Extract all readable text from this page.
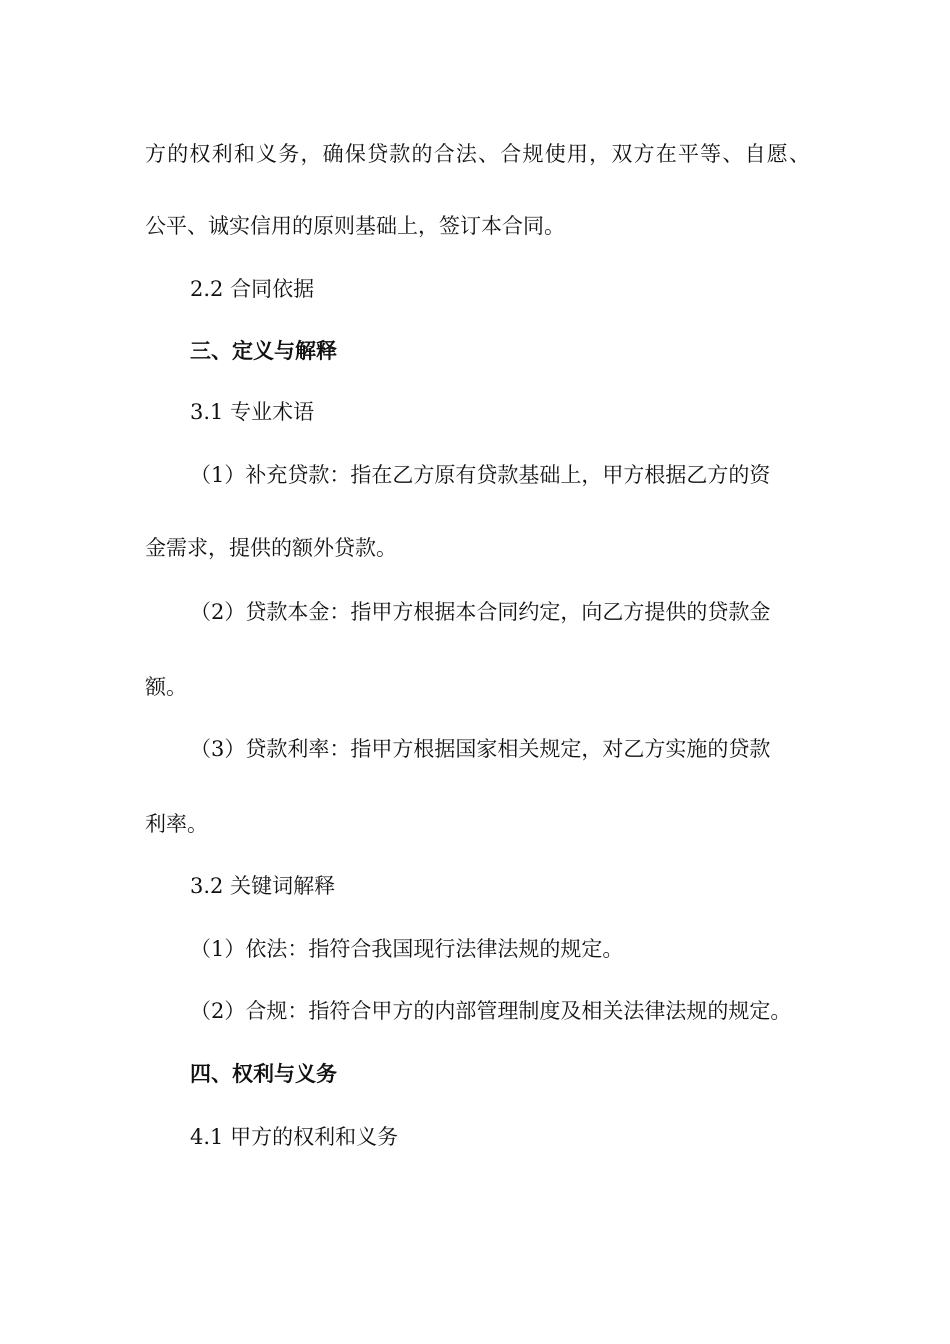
方的权利和义务，确保贷款的合法、合规使用，双方在平等、自愿、

公平、诚实信用的原则基础上，签订本合同。

2.2 合同依据

三、定义与解释

3.1 专业术语

（1）补充贷款：指在乙方原有贷款基础上，甲方根据乙方的资

金需求，提供的额外贷款。

（2）贷款本金：指甲方根据本合同约定，向乙方提供的贷款金

额。

（3）贷款利率：指甲方根据国家相关规定，对乙方实施的贷款

利率。

3.2 关键词解释

（1）依法：指符合我国现行法律法规的规定。

（2）合规：指符合甲方的内部管理制度及相关法律法规的规定。

四、权利与义务

4.1 甲方的权利和义务
